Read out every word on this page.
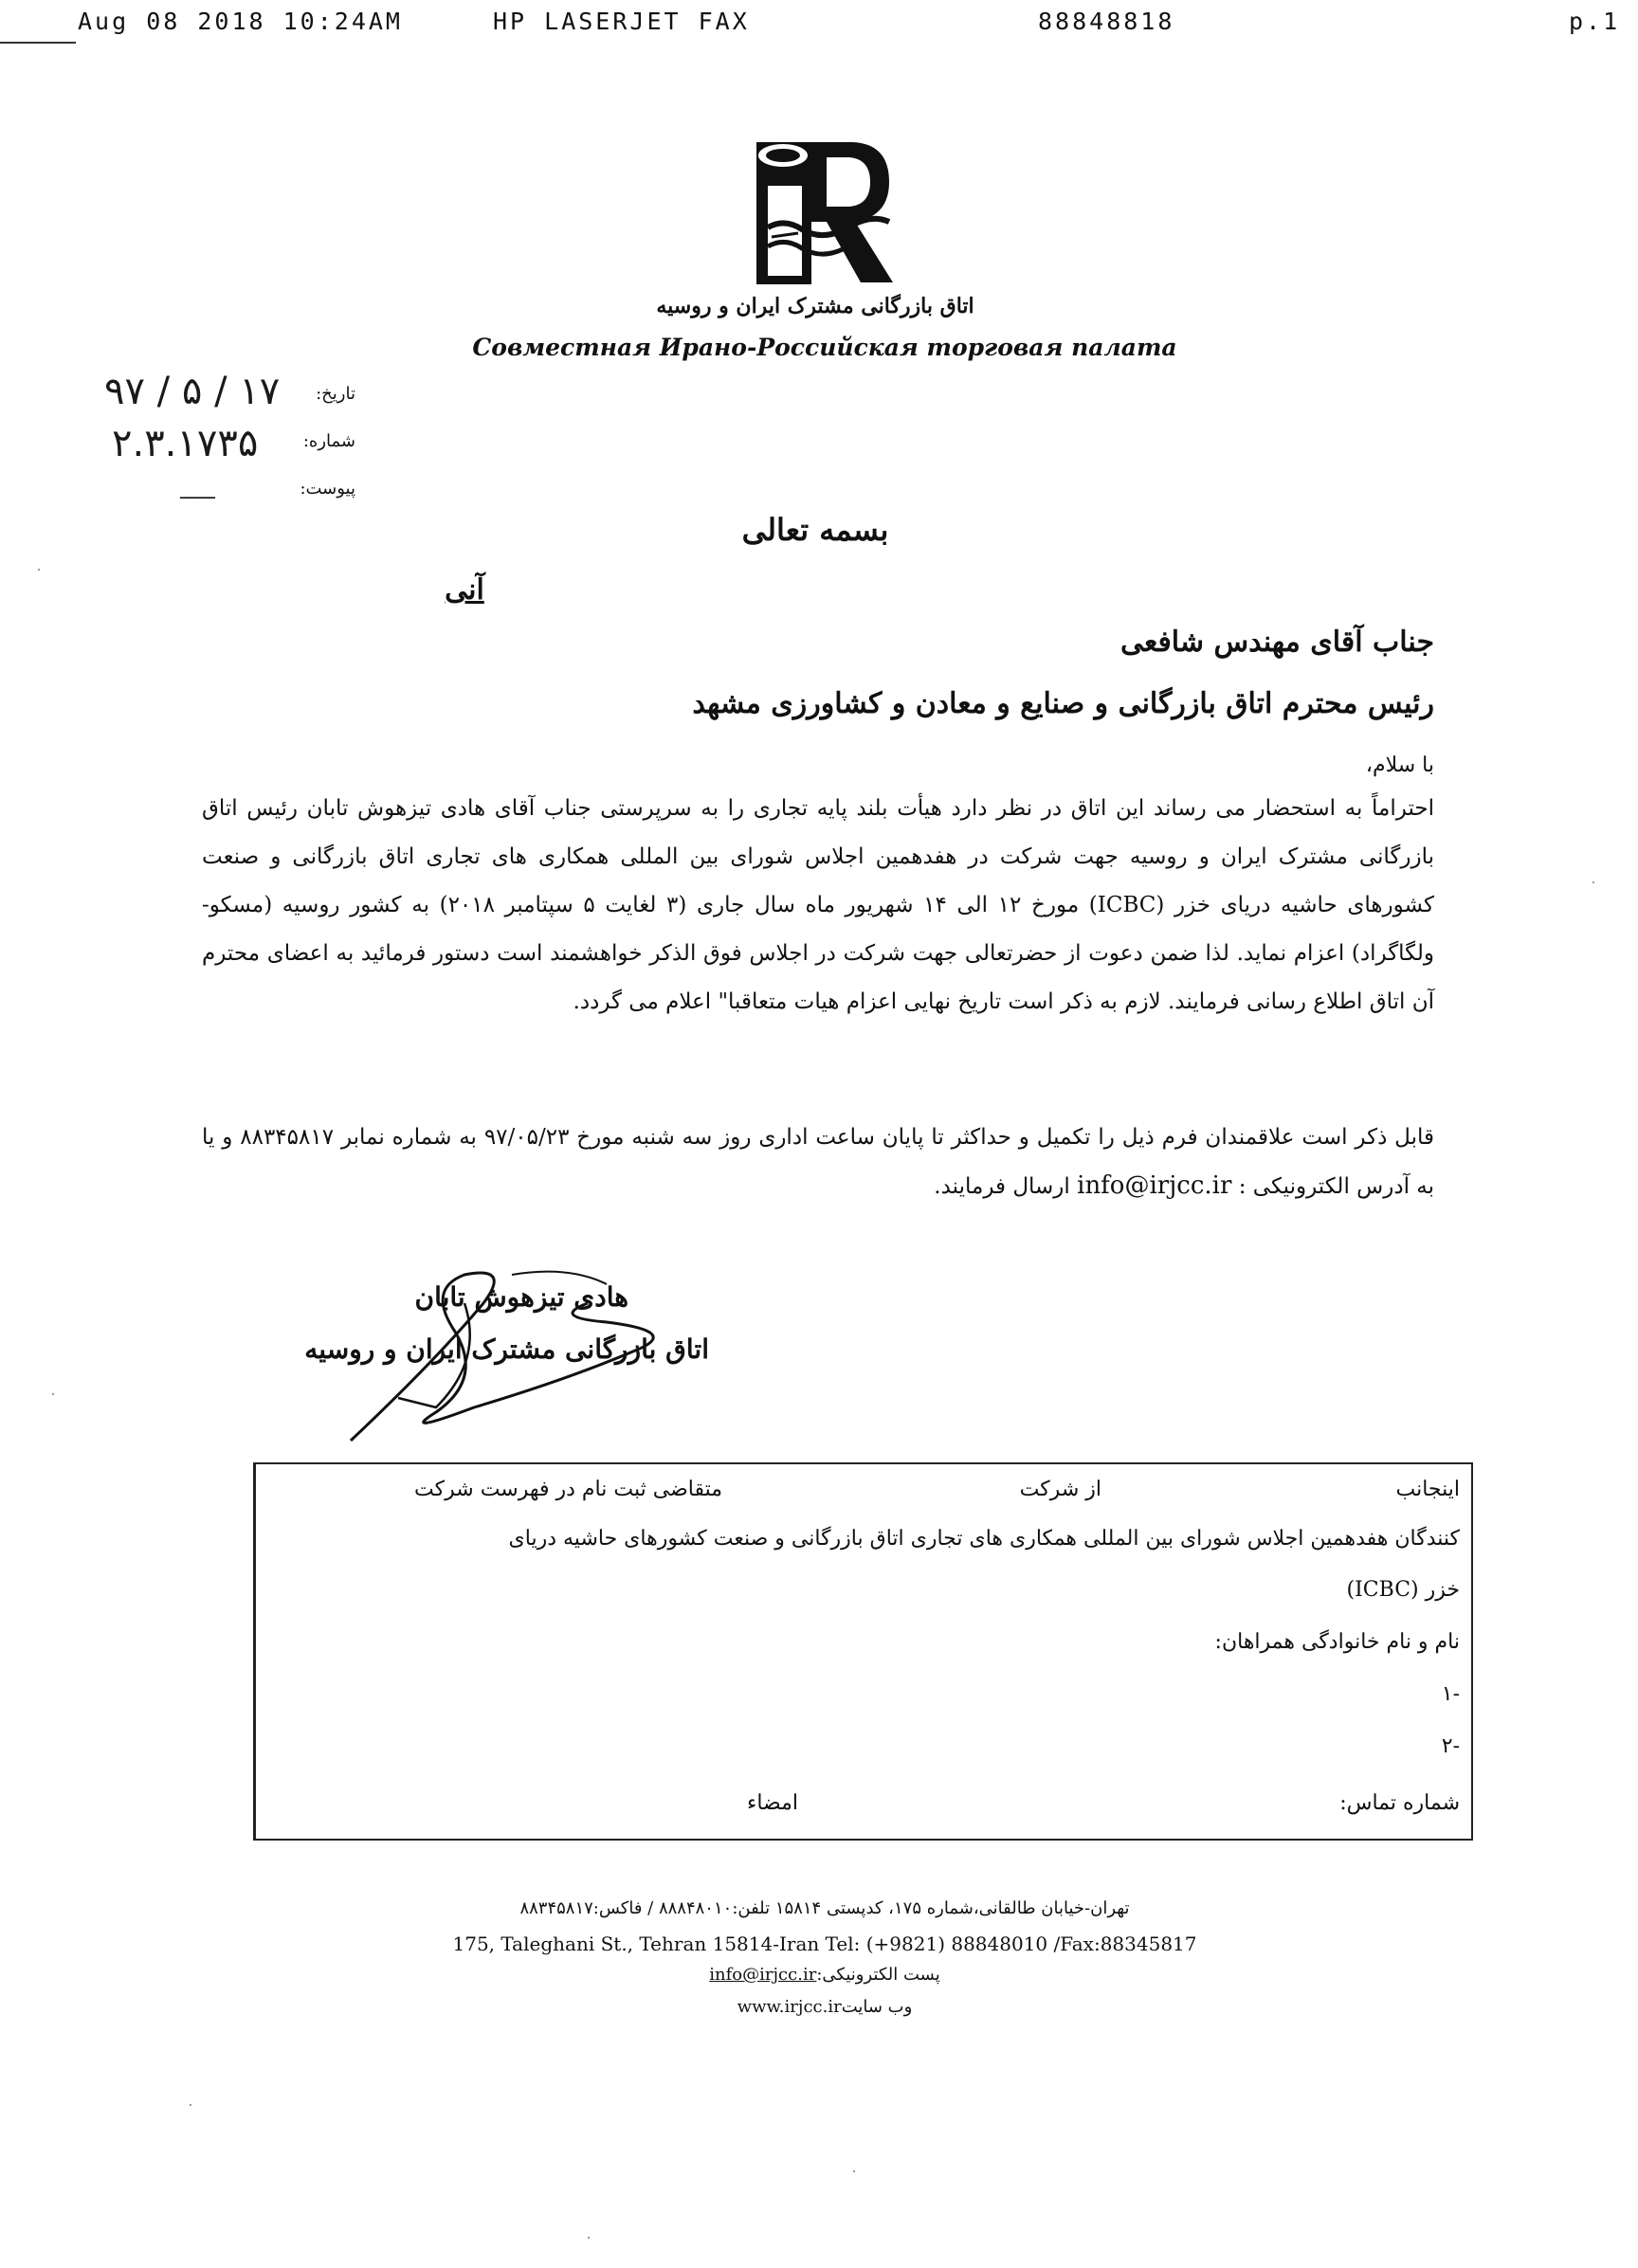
Aug 08 2018 10:24AM	HP LASERJET FAX	88848818	p.1
اتاق بازرگانی مشترک ایران و روسیه
Совместная Ирано-Российская торговая палата
تاریخ:
۹۷ / ۵ / ۱۷
شماره:
۲.۳.۱۷۳۵
پیوست:
ـــــــ
بسمه تعالی
آنی
جناب آقای مهندس شافعی
رئیس محترم اتاق بازرگانی و صنایع و معادن و کشاورزی مشهد
با سلام،
احتراماً به استحضار می رساند این اتاق در نظر دارد هیأت بلند پایه تجاری را به سرپرستی جناب آقای هادی تیزهوش تابان رئیس اتاق بازرگانی مشترک ایران و روسیه جهت شرکت در هفدهمین اجلاس شورای بین المللی همکاری های تجاری اتاق بازرگانی و صنعت کشورهای حاشیه دریای خزر (ICBC) مورخ ۱۲ الی ۱۴ شهریور ماه سال جاری (۳ لغایت ۵ سپتامبر ۲۰۱۸) به کشور روسیه (مسکو-ولگاگراد) اعزام نماید. لذا ضمن دعوت از حضرتعالی جهت شرکت در اجلاس فوق الذکر خواهشمند است دستور فرمائید به اعضای محترم آن اتاق اطلاع رسانی فرمایند. لازم به ذکر است تاریخ نهایی اعزام هیات متعاقبا" اعلام می گردد.
قابل ذکر است علاقمندان فرم ذیل را تکمیل و حداکثر تا پایان ساعت اداری روز سه شنبه مورخ ۹۷/۰۵/۲۳ به شماره نمابر ۸۸۳۴۵۸۱۷ و یا به آدرس الکترونیکی : info@irjcc.ir ارسال فرمایند.
هادی تیزهوش تابان
اتاق بازرگانی مشترک ایران و روسیه
اینجانب
از شرکت
متقاضی ثبت نام در فهرست شرکت
کنندگان هفدهمین اجلاس شورای بین المللی همکاری های تجاری اتاق بازرگانی و صنعت کشورهای حاشیه دریای
خزر (ICBC)
نام و نام خانوادگی همراهان:
-۱
-۲
شماره تماس:
امضاء
تهران-خیابان طالقانی،شماره ۱۷۵، کدپستی ۱۵۸۱۴ تلفن:۸۸۸۴۸۰۱۰ / فاکس:۸۸۳۴۵۸۱۷
175, Taleghani St., Tehran 15814-Iran Tel: (+9821) 88848010 /Fax:88345817
پست الکترونیکی:info@irjcc.ir
وب سایتwww.irjcc.ir
